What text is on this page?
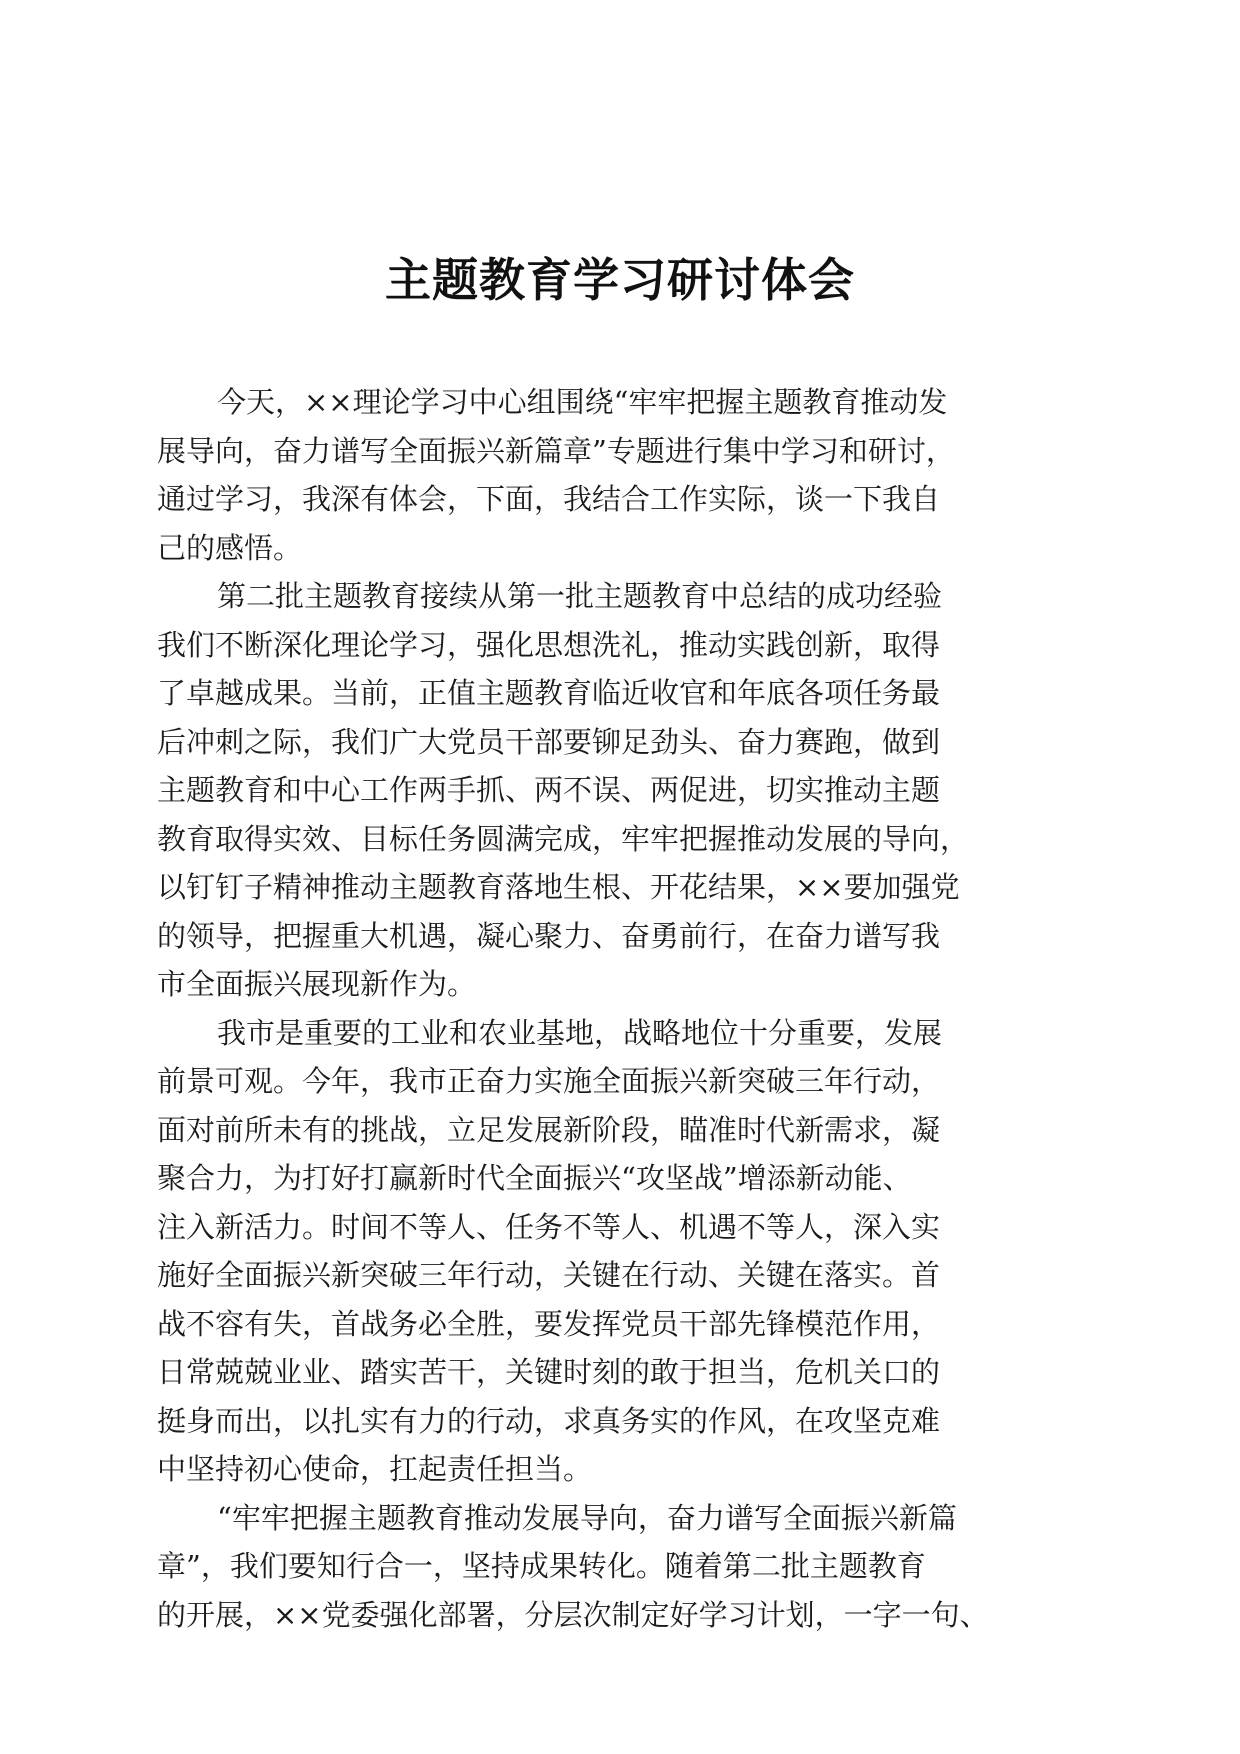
主题教育学习研讨体会
今天，××理论学习中心组围绕“牢牢把握主题教育推动发
展导向，奋力谱写全面振兴新篇章”专题进行集中学习和研讨，
通过学习，我深有体会，下面，我结合工作实际，谈一下我自
己的感悟。
第二批主题教育接续从第一批主题教育中总结的成功经验
我们不断深化理论学习，强化思想洗礼，推动实践创新，取得
了卓越成果。当前，正值主题教育临近收官和年底各项任务最
后冲刺之际，我们广大党员干部要铆足劲头、奋力赛跑，做到
主题教育和中心工作两手抓、两不误、两促进，切实推动主题
教育取得实效、目标任务圆满完成，牢牢把握推动发展的导向，
以钉钉子精神推动主题教育落地生根、开花结果，××要加强党
的领导，把握重大机遇，凝心聚力、奋勇前行，在奋力谱写我
市全面振兴展现新作为。
我市是重要的工业和农业基地，战略地位十分重要，发展
前景可观。今年，我市正奋力实施全面振兴新突破三年行动，
面对前所未有的挑战，立足发展新阶段，瞄准时代新需求，凝
聚合力，为打好打赢新时代全面振兴“攻坚战”增添新动能、
注入新活力。时间不等人、任务不等人、机遇不等人，深入实
施好全面振兴新突破三年行动，关键在行动、关键在落实。首
战不容有失，首战务必全胜，要发挥党员干部先锋模范作用，
日常兢兢业业、踏实苦干，关键时刻的敢于担当，危机关口的
挺身而出，以扎实有力的行动，求真务实的作风，在攻坚克难
中坚持初心使命，扛起责任担当。
“牢牢把握主题教育推动发展导向，奋力谱写全面振兴新篇
章”，我们要知行合一，坚持成果转化。随着第二批主题教育
的开展，××党委强化部署，分层次制定好学习计划，一字一句、
